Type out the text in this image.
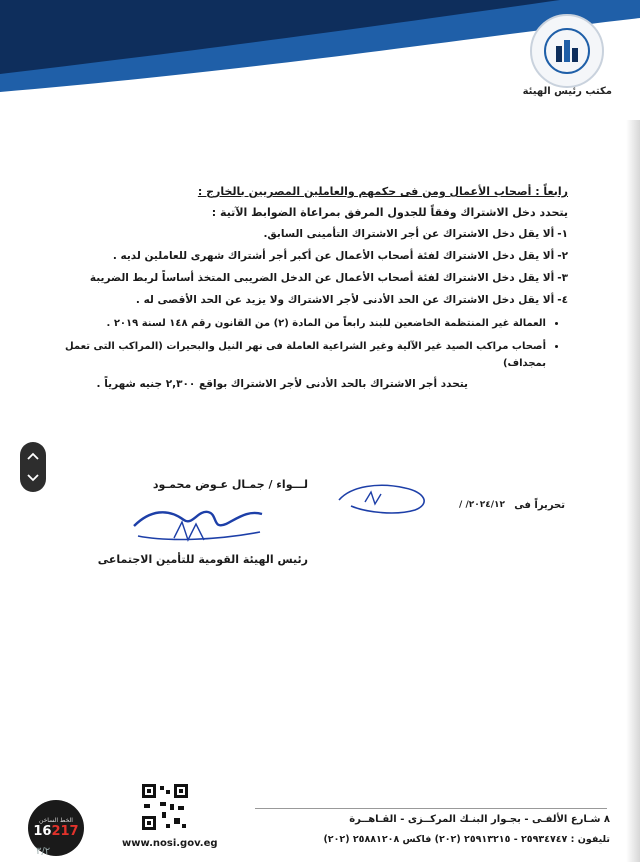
مكتب رئيس الهيئة

رابعاً : أصحاب الأعمال ومن فى حكمهم والعاملين المصريين بالخارج :

يتحدد دخل الاشتراك وفقاً للجدول المرفق بمراعاة الضوابط الآتية :

١-ألا يقل دخل الاشتراك عن أجر الاشتراك التأمينى السابق.
٢-ألا يقل دخل الاشتراك لفئة أصحاب الأعمال عن أكبر أجر أشتراك شهرى للعاملين لديه .
٣-ألا يقل دخل الاشتراك لفئة أصحاب الأعمال عن الدخل الضريبى المتخذ أساساً لربط الضريبة
٤-ألا يقل دخل الاشتراك عن الحد الأدنى لأجر الاشتراك ولا يزيد عن الحد الأقصى له .
• العمالة غير المنتظمة الخاضعين للبند رابعاً من المادة (٢) من القانون رقم ١٤٨ لسنة ٢٠١٩ .
• أصحاب مراكب الصيد غير الآلية وغير الشراعية العاملة فى نهر النيل والبحيرات (المراكب التى تعمل بمجداف)

يتحدد أجر الاشتراك بالحد الأدنى لأجر الاشتراك بواقع ٢,٣٠٠ جنيه شهرياً .

لـــواء / جمـال عـوض محمـود

رئيس الهيئة القومية للتأمين الاجتماعى

تحريراً فى
٢٠٢٤/١٢/ /
الخط الساخن
16217
٣/٢
www.nosi.gov.eg
٨ شـارع الألفـى - بجـوار البنـك المركــزى - القـاهــرة
تليفون : ٢٥٩٣٤٧٤٧ - ٢٥٩١٣٢١٥ (٢٠٢) فاكس ٢٥٨٨١٢٠٨ (٢٠٢)
